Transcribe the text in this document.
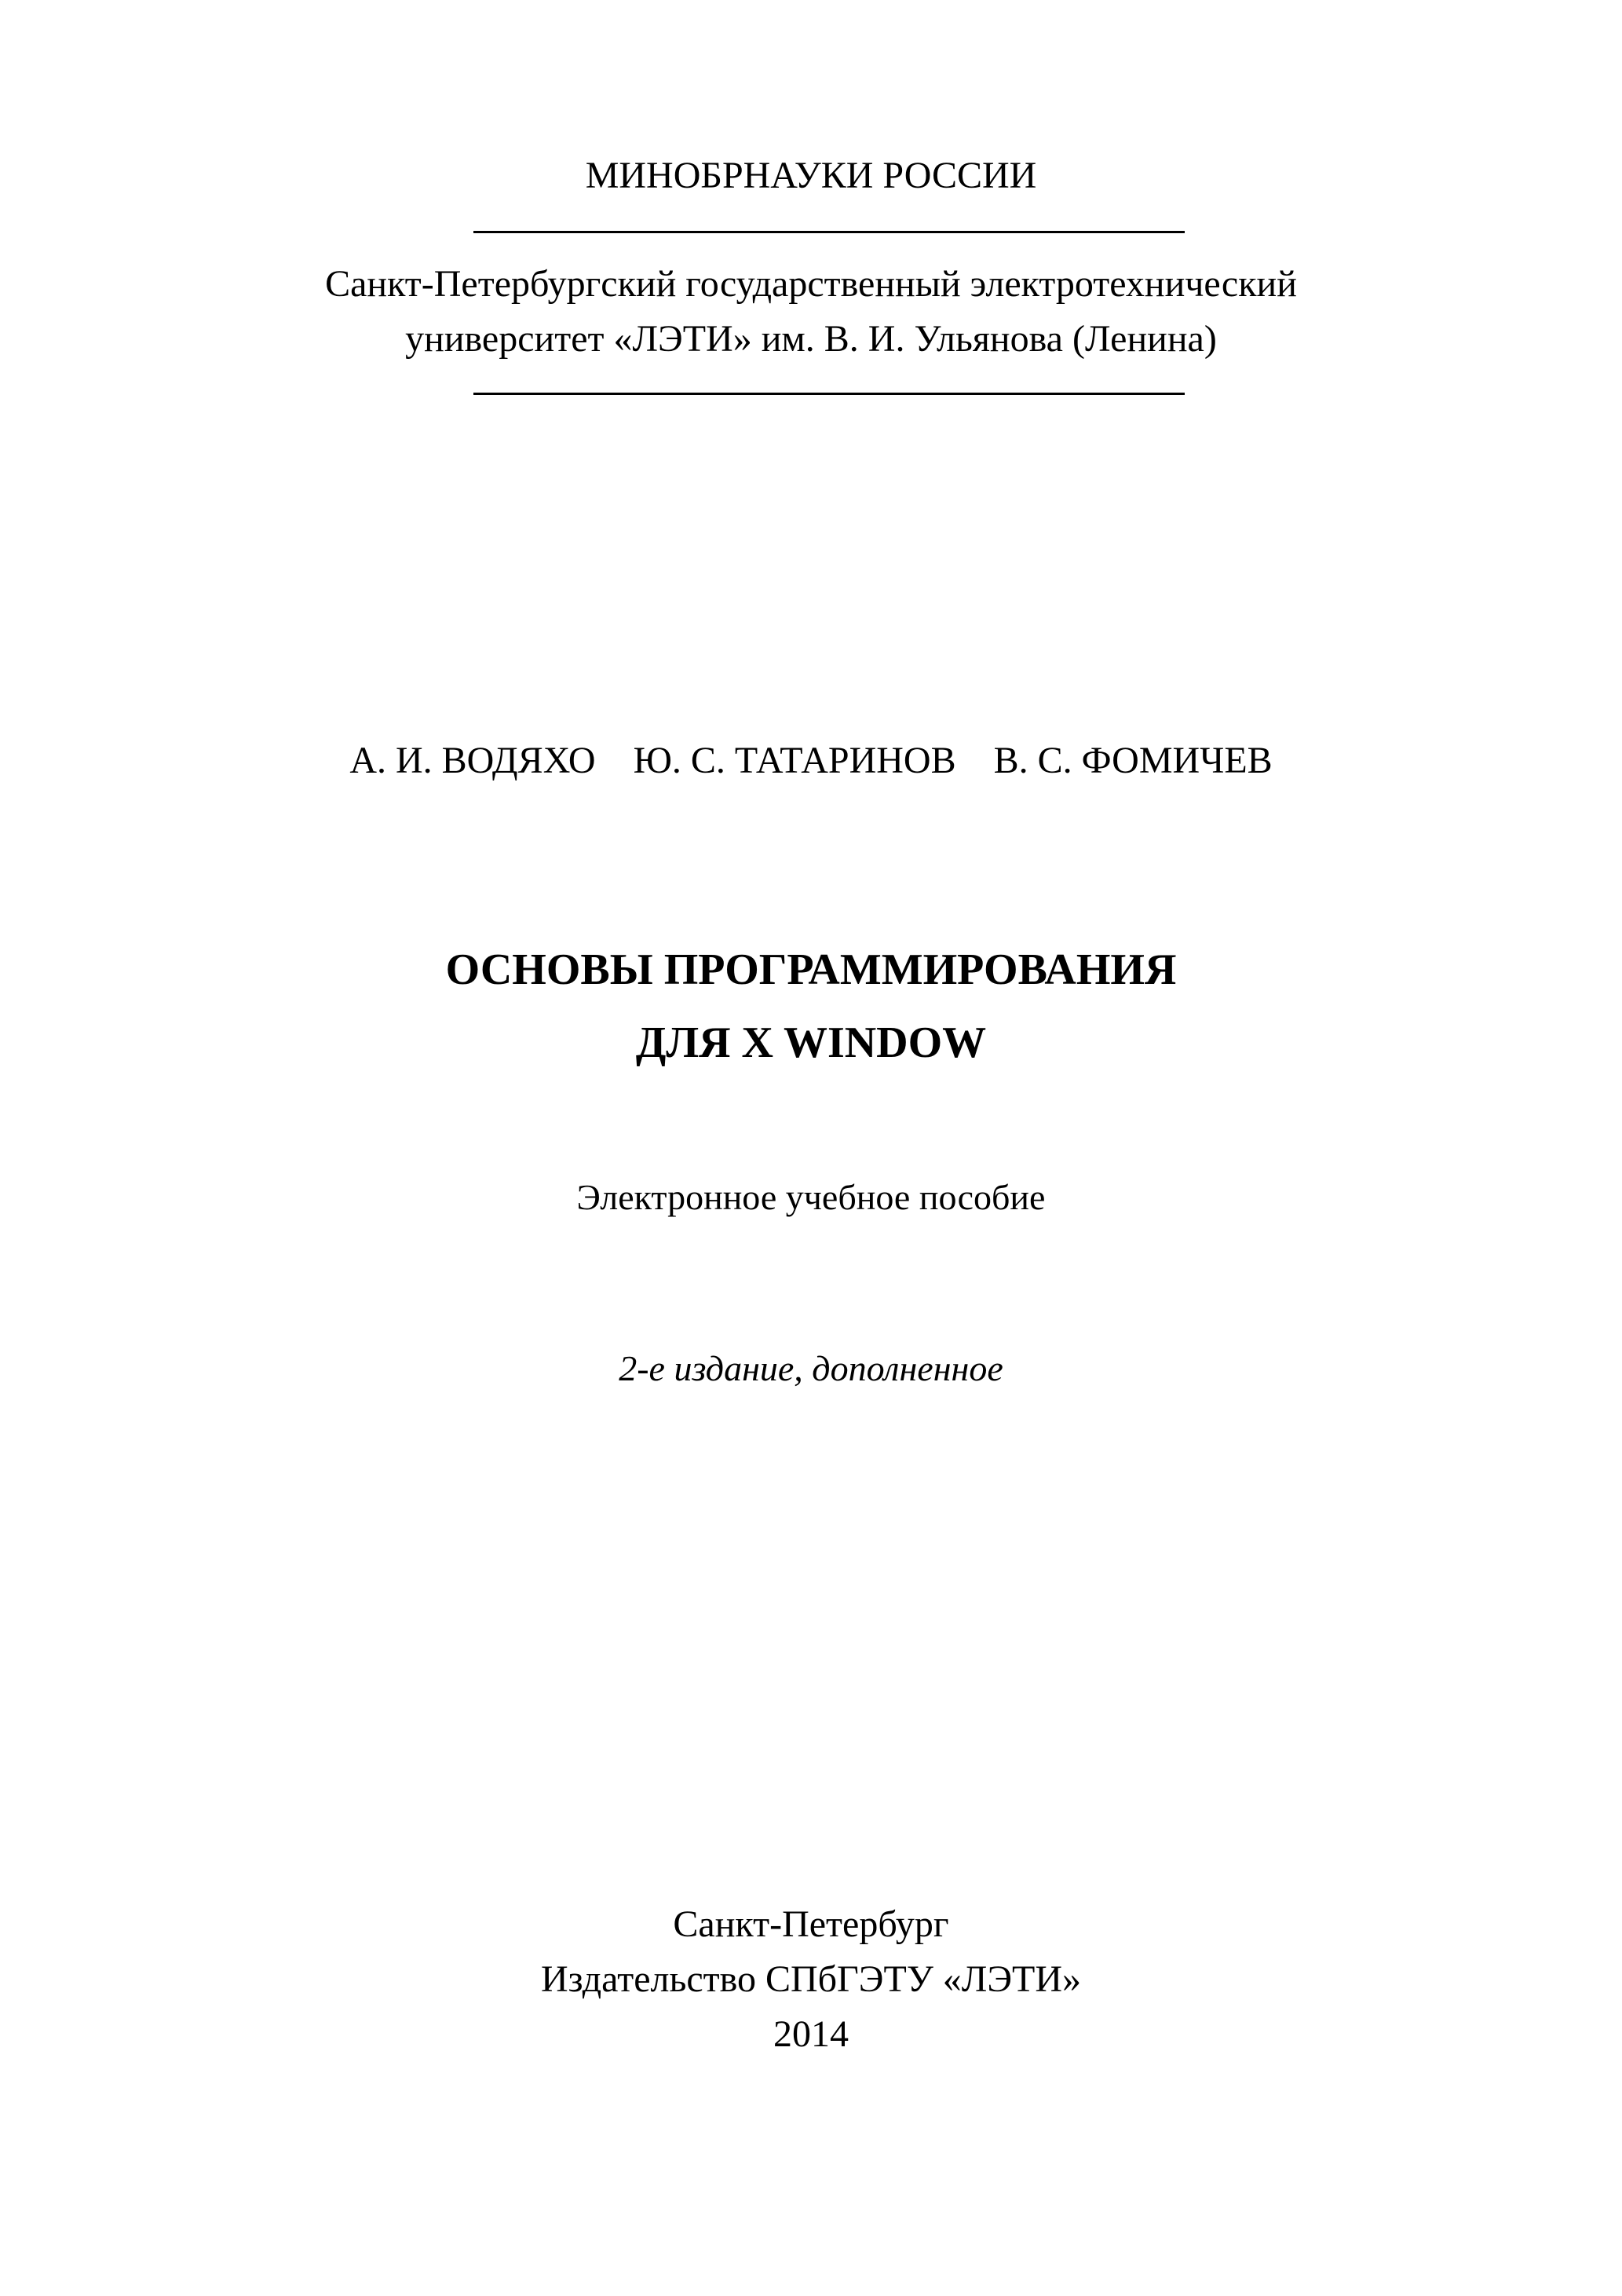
МИНОБРНАУКИ РОССИИ
Санкт-Петербургский государственный электротехнический
университет «ЛЭТИ» им. В. И. Ульянова (Ленина)
А. И. ВОДЯХО Ю. С. ТАТАРИНОВ В. С. ФОМИЧЕВ
ОСНОВЫ ПРОГРАММИРОВАНИЯ
ДЛЯ X WINDOW
Электронное учебное пособие
2-е издание, дополненное
Санкт-Петербург
Издательство СПбГЭТУ «ЛЭТИ»
2014
